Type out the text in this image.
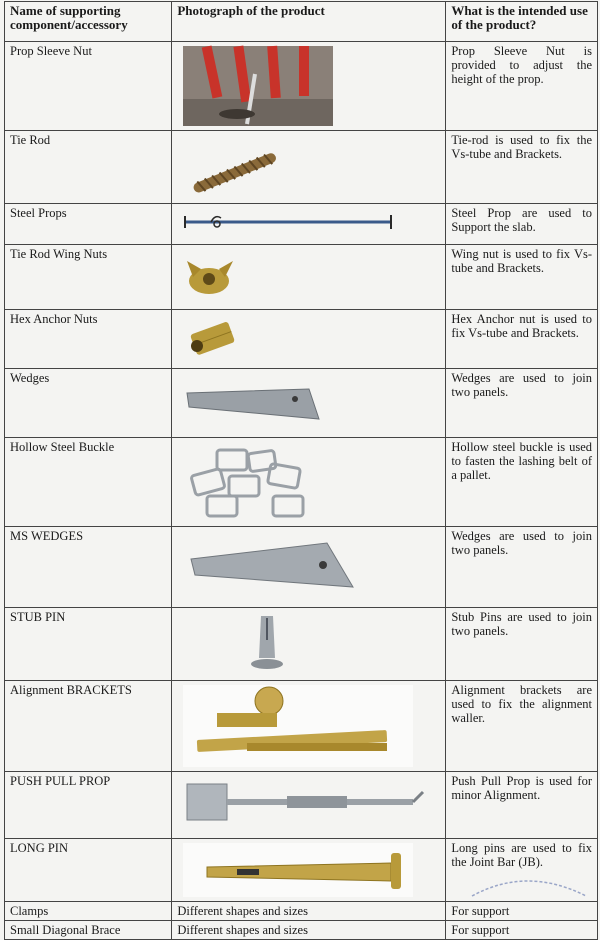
Name of supporting component/accessory	Photograph of the product	What is the intended use of the product?
Prop Sleeve Nut		Prop Sleeve Nut is provided to adjust the height of the prop.
Tie Rod		Tie-rod is used to fix the Vs-tube and Brackets.
Steel Props		Steel Prop are used to Support the slab.
Tie Rod Wing Nuts		Wing nut is used to fix Vs-tube and Brackets.
Hex Anchor Nuts		Hex Anchor nut is used to fix Vs-tube and Brackets.
Wedges		Wedges are used to join two panels.
Hollow Steel Buckle		Hollow steel buckle is used to fasten the lashing belt of a pallet.
MS WEDGES		Wedges are used to join two panels.
STUB PIN		Stub Pins are used to join two panels.
Alignment BRACKETS		Alignment brackets are used to fix the alignment waller.
PUSH PULL PROP		Push Pull Prop is used for minor Alignment.
LONG PIN		Long pins are used to fix the Joint Bar (JB).
Clamps	Different shapes and sizes	For support
Small Diagonal Brace	Different shapes and sizes	For support
